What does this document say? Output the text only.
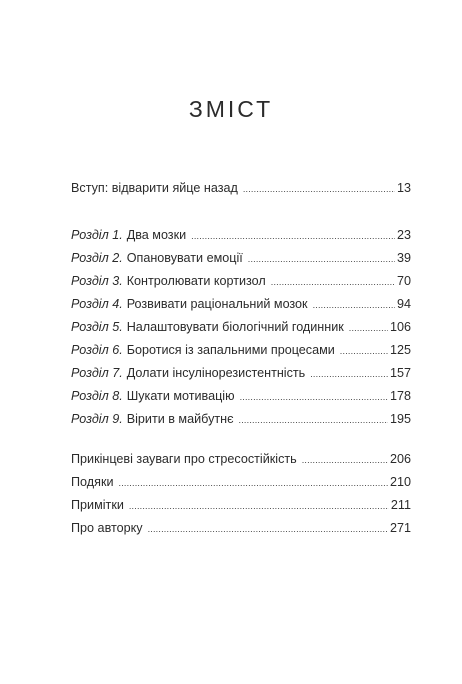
ЗМІСТ
Вступ: відварити яйце назад .....	13
Розділ 1. Два мозки .....	23
Розділ 2. Опановувати емоції .....	39
Розділ 3. Контролювати кортизол .....	70
Розділ 4. Розвивати раціональний мозок .....	94
Розділ 5. Налаштовувати біологічний годинник .....	106
Розділ 6. Боротися із запальними процесами .....	125
Розділ 7. Долати інсулінорезистентність .....	157
Розділ 8. Шукати мотивацію .....	178
Розділ 9. Вірити в майбутнє .....	195
Прикінцеві зауваги про стресостійкість .....	206
Подяки .....	210
Примітки .....	211
Про авторку .....	271
